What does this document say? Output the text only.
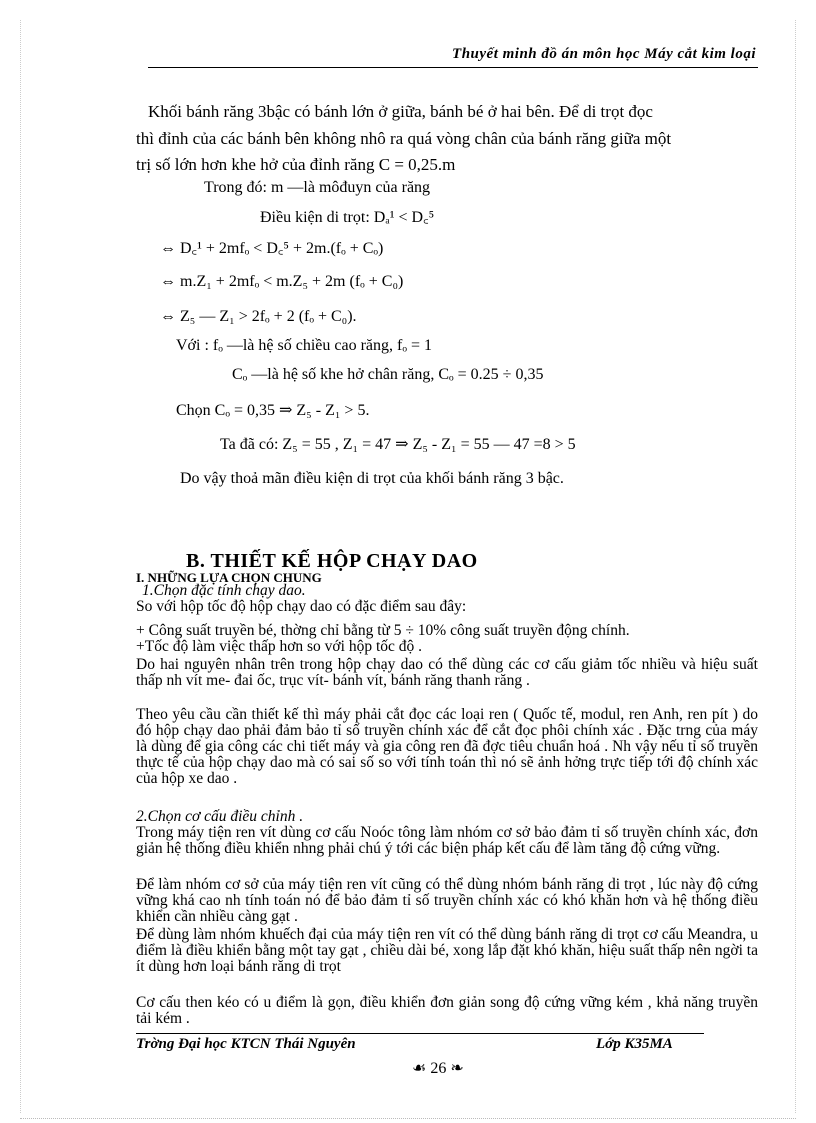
Thuyết minh đồ án môn học Máy cắt kim loại
Khối bánh răng 3bậc có bánh lớn ở giữa, bánh bé ở hai bên. Để di trọt đọc
thì đỉnh của các bánh bên không nhô ra quá vòng chân của bánh răng giữa một
trị số lớn hơn khe hở của đỉnh răng C = 0,25.m
Trong đó: m —là môđuyn của răng
Điều kiện di trọt: Dₐ¹ < D꜀⁵
⇔ D꜀¹ + 2mfₒ < D꜀⁵ + 2m.(fₒ + Cₒ)
⇔ m.Z₁ + 2mfₒ < m.Z₅ + 2m (fₒ + C₀)
⇔ Z₅ — Z₁ > 2fₒ + 2 (fₒ + C₀).
Với : fₒ —là hệ số chiều cao răng, fₒ = 1
Cₒ —là hệ số khe hở chân răng, Cₒ = 0.25 ÷ 0,35
Chọn Cₒ = 0,35 ⇒ Z₅ - Z₁ > 5.
Ta đã có: Z₅ = 55 , Z₁ = 47 ⇒ Z₅ - Z₁ = 55 — 47 =8 > 5
Do vậy thoả mãn điều kiện di trọt của khối bánh răng 3 bậc.
B. THIẾT KẾ HỘP CHẠY DAO
I. NHỮNG LỰA CHỌN CHUNG
1.Chọn đặc tính chạy dao.
So với hộp tốc độ hộp chạy dao có đặc điểm sau đây:
+ Công suất truyền bé, thờng chỉ bằng từ 5 ÷ 10% công suất truyền động chính.
+Tốc độ làm việc thấp hơn so với hộp tốc độ .
Do hai nguyên nhân trên trong hộp chạy dao có thể dùng các cơ cấu giảm tốc nhiều và hiệu suất thấp nh vít me- đai ốc, trục vít- bánh vít, bánh răng thanh răng .
Theo yêu cầu cần thiết kế thì máy phải cắt đọc các loại ren ( Quốc tế, modul, ren Anh, ren pít ) do đó hộp chạy dao phải đảm bảo tỉ số truyền chính xác để cắt đọc phôi chính xác . Đặc trng của máy là dùng để gia công các chi tiết máy và gia công ren đã đợc tiêu chuẩn hoá . Nh vậy nếu tỉ số truyền thực tế của hộp chạy dao mà có sai số so với tính toán thì nó sẽ ảnh hởng trực tiếp tới độ chính xác của hộp xe dao .
2.Chọn cơ cấu điều chỉnh .
Trong máy tiện ren vít dùng cơ cấu Noóc tông làm nhóm cơ sở bảo đảm tỉ số truyền chính xác, đơn giản hệ thống điều khiển nhng phải chú ý tới các biện pháp kết cấu để làm tăng độ cứng vững.
Để làm nhóm cơ sở của máy tiện ren vít cũng có thể dùng nhóm bánh răng di trọt , lúc này độ cứng vững khá cao nh tính toán nó để bảo đảm tỉ số truyền chính xác có khó khăn hơn và hệ thống điều khiển cần nhiều càng gạt .
Để dùng làm nhóm khuếch đại của máy tiện ren vít có thể dùng bánh răng di trọt cơ cấu Meandra, u điểm là điều khiển bằng một tay gạt , chiều dài bé, xong lắp đặt khó khăn, hiệu suất thấp nên ngời ta ít dùng hơn loại bánh răng di trọt
Cơ cấu then kéo có u điểm là gọn, điều khiển đơn giản song độ cứng vững kém , khả năng truyền tải kém .
Trờng Đại học KTCN Thái Nguyên	Lớp K35MA
☙ 26 ❧
